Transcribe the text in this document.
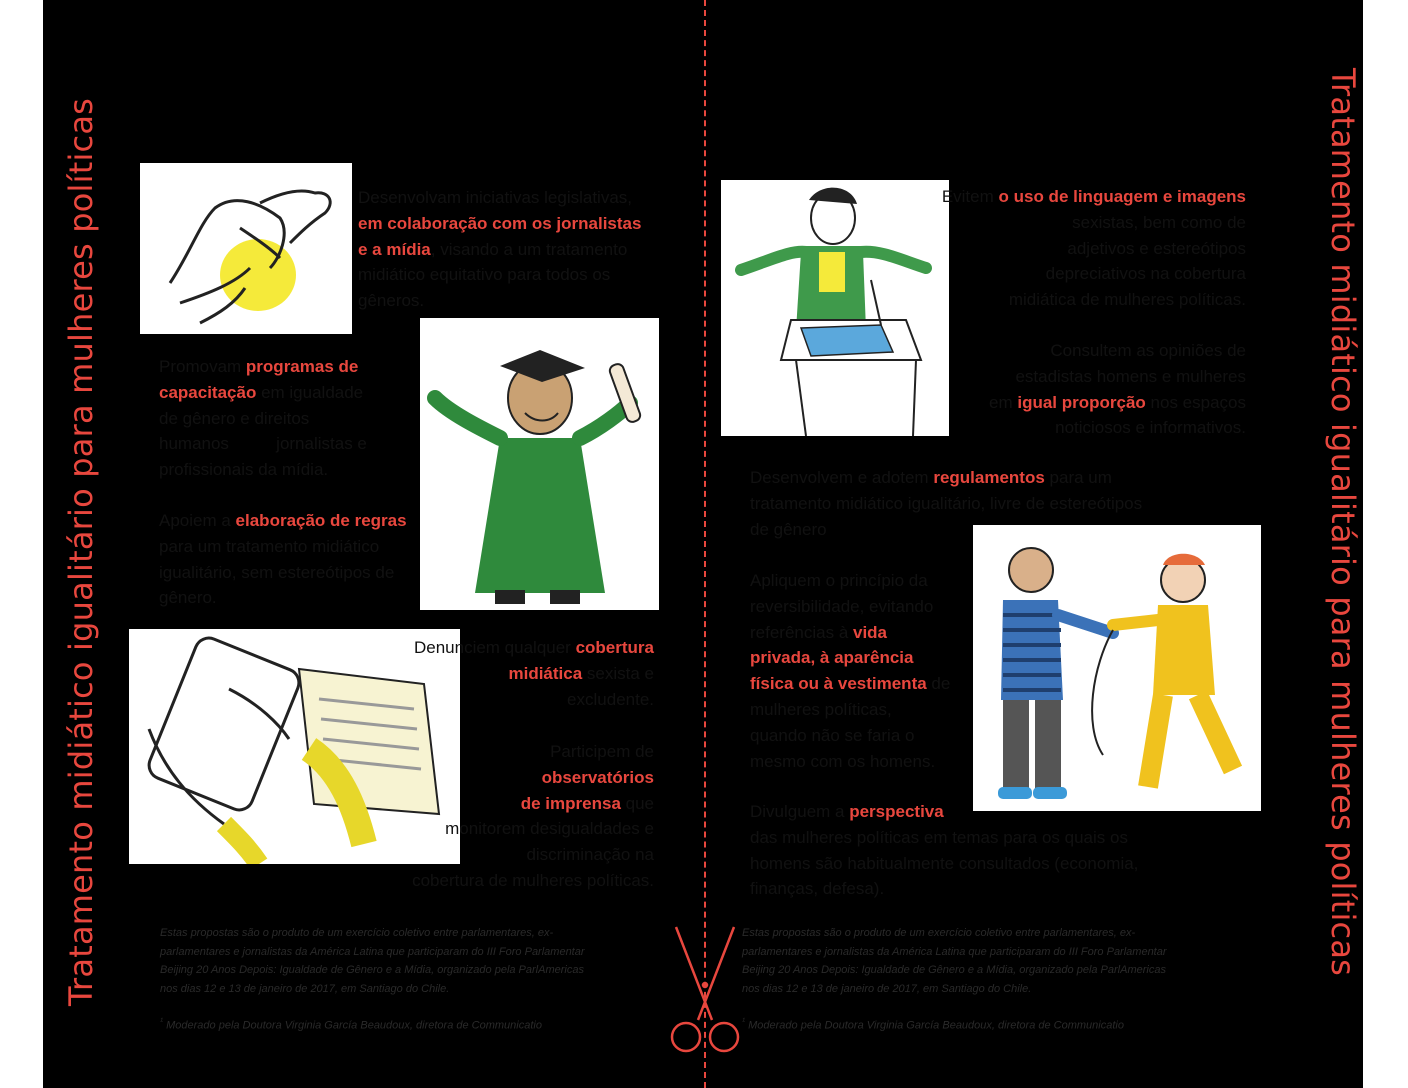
Tratamento midiático igualitário para mulheres políticas	Tratamento midiático igualitário para mulheres políticas
Desenvolvam iniciativas legislativas,
em colaboração com os jornalistas
e a mídia, visando a um tratamento
midiático equitativo para todos os
gêneros.
Promovam programas de
capacitação em igualdade
de gênero e direitos
humanos          jornalistas e
profissionais da mídia.
Apoiem a elaboração de regras
para um tratamento midiático
igualitário, sem estereótipos de
gênero.
Denunciem qualquer cobertura
midiática sexista e
excludente.
Participem de
observatórios
de imprensa que
monitorem desigualdades e
discriminação na
cobertura de mulheres políticas.
Estas propostas são o produto de um exercício coletivo entre parlamentares, ex-
parlamentares e jornalistas da América Latina que participaram do III Foro Parlamentar
Beijing 20 Anos Depois: Igualdade de Gênero e a Mídia, organizado pela ParlAmericas
nos dias 12 e 13 de janeiro de 2017, em Santiago do Chile.
$^{^1}$ Moderado pela Doutora Virginia García Beaudoux, diretora de Communicatio
Evitem o uso de linguagem e imagens
sexistas, bem como de
adjetivos e estereótipos
depreciativos na cobertura
midiática de mulheres políticas.
Consultem as opiniões de
estadistas homens e mulheres
em igual proporção nos espaços
noticiosos e informativos.
Desenvolvem e adotem regulamentos para um
tratamento midiático igualitário, livre de estereótipos
de gênero
Apliquem o princípio da
reversibilidade, evitando
referências à vida
privada, à aparência
física ou à vestimenta de
mulheres políticas,
quando não se faria o
mesmo com os homens.
Divulguem a perspectiva
das mulheres políticas em temas para os quais os
homens são habitualmente consultados (economia,
finanças, defesa).
Estas propostas são o produto de um exercício coletivo entre parlamentares, ex-
parlamentares e jornalistas da América Latina que participaram do III Foro Parlamentar
Beijing 20 Anos Depois: Igualdade de Gênero e a Mídia, organizado pela ParlAmericas
nos dias 12 e 13 de janeiro de 2017, em Santiago do Chile.
$^{^1}$ Moderado pela Doutora Virginia García Beaudoux, diretora de Communicatio
